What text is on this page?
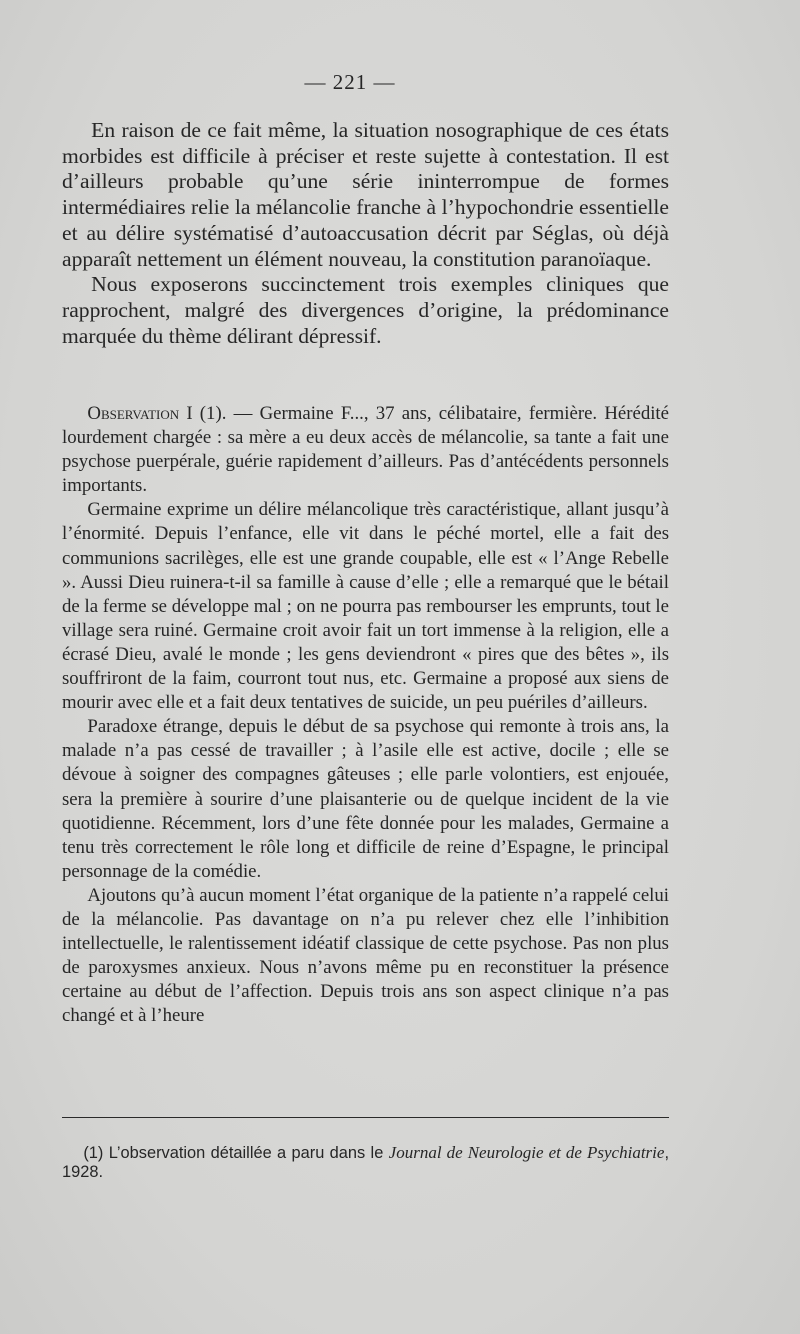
— 221 —

En raison de ce fait même, la situation nosographique de ces états morbides est difficile à préciser et reste sujette à contestation. Il est d’ailleurs probable qu’une série ininterrompue de formes intermédiaires relie la mélancolie franche à l’hypochondrie essentielle et au délire systématisé d’autoaccusation décrit par Séglas, où déjà apparaît nettement un élément nouveau, la constitution paranoïaque.

Nous exposerons succinctement trois exemples cliniques que rapprochent, malgré des divergences d’origine, la prédominance marquée du thème délirant dépressif.

Observation I (1). — Germaine F..., 37 ans, célibataire, fermière. Hérédité lourdement chargée : sa mère a eu deux accès de mélancolie, sa tante a fait une psychose puerpérale, guérie rapidement d’ailleurs. Pas d’antécédents personnels importants.

Germaine exprime un délire mélancolique très caractéristique, allant jusqu’à l’énormité. Depuis l’enfance, elle vit dans le péché mortel, elle a fait des communions sacrilèges, elle est une grande coupable, elle est « l’Ange Rebelle ». Aussi Dieu ruinera-t-il sa famille à cause d’elle ; elle a remarqué que le bétail de la ferme se développe mal ; on ne pourra pas rembourser les emprunts, tout le village sera ruiné. Germaine croit avoir fait un tort immense à la religion, elle a écrasé Dieu, avalé le monde ; les gens deviendront « pires que des bêtes », ils souffriront de la faim, courront tout nus, etc. Germaine a proposé aux siens de mourir avec elle et a fait deux tentatives de suicide, un peu puériles d’ailleurs.

Paradoxe étrange, depuis le début de sa psychose qui remonte à trois ans, la malade n’a pas cessé de travailler ; à l’asile elle est active, docile ; elle se dévoue à soigner des compagnes gâteuses ; elle parle volontiers, est enjouée, sera la première à sourire d’une plaisanterie ou de quelque incident de la vie quotidienne. Récemment, lors d’une fête donnée pour les malades, Germaine a tenu très correctement le rôle long et difficile de reine d’Espagne, le principal personnage de la comédie.

Ajoutons qu’à aucun moment l’état organique de la patiente n’a rappelé celui de la mélancolie. Pas davantage on n’a pu relever chez elle l’inhibition intellectuelle, le ralentissement idéatif classique de cette psychose. Pas non plus de paroxysmes anxieux. Nous n’avons même pu en reconstituer la présence certaine au début de l’affection. Depuis trois ans son aspect clinique n’a pas changé et à l’heure

(1) L’observation détaillée a paru dans le Journal de Neurologie et de Psychiatrie, 1928.
